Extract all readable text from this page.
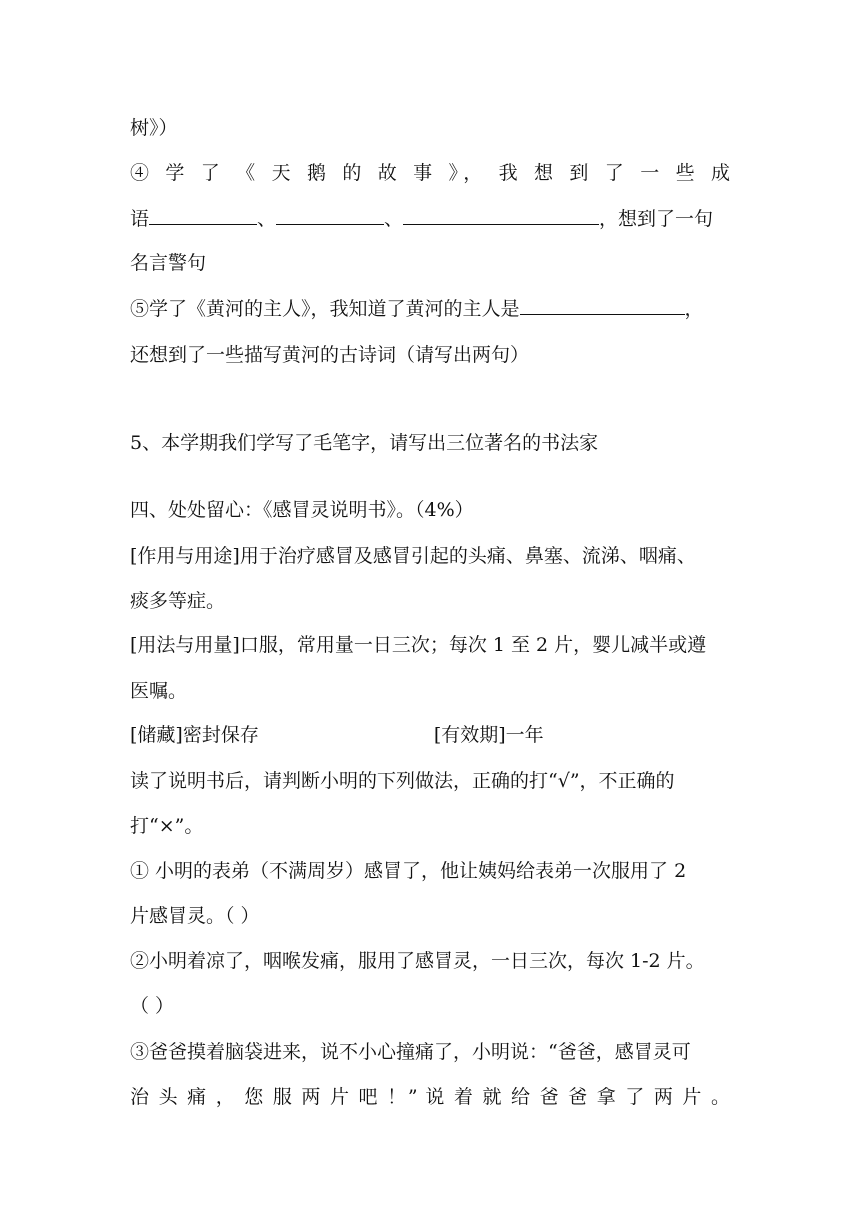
树》）
④ 学 了 《 天 鹅 的 故 事 》， 我 想 到 了 一 些 成
语	、	、	，想到了一句
名言警句
⑤学了《黄河的主人》，我知道了黄河的主人是	，
还想到了一些描写黄河的古诗词（请写出两句）
5、本学期我们学写了毛笔字，请写出三位著名的书法家
四、处处留心：《感冒灵说明书》。（4%）
[作用与用途]用于治疗感冒及感冒引起的头痛、鼻塞、流涕、咽痛、
痰多等症。
[用法与用量]口服，常用量一日三次；每次 1 至 2 片，婴儿减半或遵
医嘱。
[储藏]密封保存	[有效期]一年
读了说明书后，请判断小明的下列做法，正确的打“√”，不正确的
打“×”。
① 小明的表弟（不满周岁）感冒了，他让姨妈给表弟一次服用了 2
片感冒灵。（ ）
②小明着凉了，咽喉发痛，服用了感冒灵，一日三次，每次 1-2 片。
（ ）
③爸爸摸着脑袋进来，说不小心撞痛了，小明说：“爸爸，感冒灵可
治 头 痛 ， 您 服 两 片 吧 ！” 说 着 就 给 爸 爸 拿 了 两 片 。
